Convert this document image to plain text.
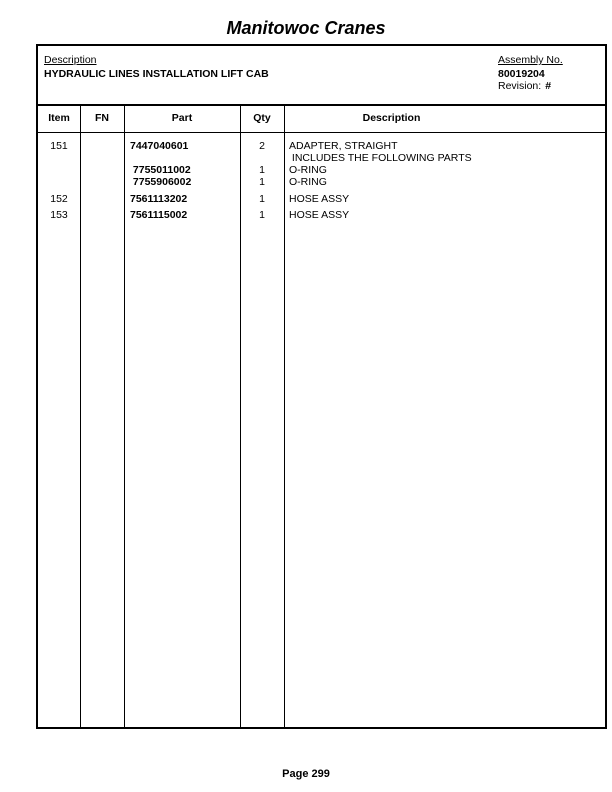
Manitowoc Cranes
Description
HYDRAULIC LINES INSTALLATION LIFT CAB
Assembly No.
80019204
Revision: #
Item	FN	Part	Qty	Description
151	7447040601	2	ADAPTER, STRAIGHT
INCLUDES THE FOLLOWING PARTS
7755011002	1	O-RING
7755906002	1	O-RING
152	7561113202	1	HOSE ASSY
153	7561115002	1	HOSE ASSY
Page 299
